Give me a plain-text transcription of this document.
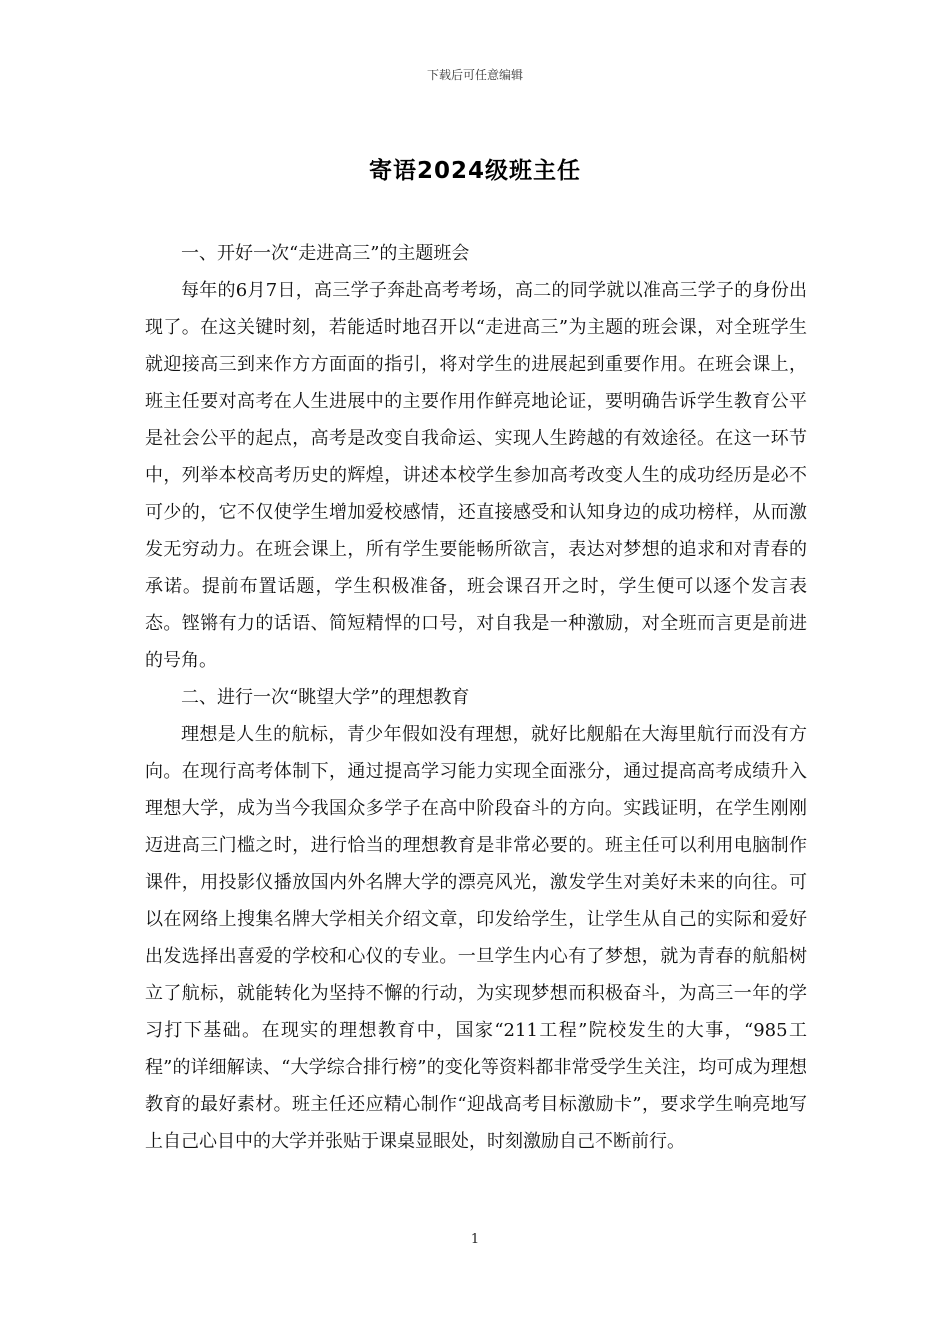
下载后可任意编辑
寄语2024级班主任

一、开好一次“走进高三”的主题班会

每年的6月7日，高三学子奔赴高考考场，高二的同学就以准高三学子的身份出现了。在这关键时刻，若能适时地召开以“走进高三”为主题的班会课，对全班学生就迎接高三到来作方方面面的指引，将对学生的进展起到重要作用。在班会课上，班主任要对高考在人生进展中的主要作用作鲜亮地论证，要明确告诉学生教育公平是社会公平的起点，高考是改变自我命运、实现人生跨越的有效途径。在这一环节中，列举本校高考历史的辉煌，讲述本校学生参加高考改变人生的成功经历是必不可少的，它不仅使学生增加爱校感情，还直接感受和认知身边的成功榜样，从而激发无穷动力。在班会课上，所有学生要能畅所欲言，表达对梦想的追求和对青春的承诺。提前布置话题，学生积极准备，班会课召开之时，学生便可以逐个发言表态。铿锵有力的话语、简短精悍的口号，对自我是一种激励，对全班而言更是前进的号角。

二、进行一次“眺望大学”的理想教育

理想是人生的航标，青少年假如没有理想，就好比舰船在大海里航行而没有方向。在现行高考体制下，通过提高学习能力实现全面涨分，通过提高高考成绩升入理想大学，成为当今我国众多学子在高中阶段奋斗的方向。实践证明，在学生刚刚迈进高三门槛之时，进行恰当的理想教育是非常必要的。班主任可以利用电脑制作课件，用投影仪播放国内外名牌大学的漂亮风光，激发学生对美好未来的向往。可以在网络上搜集名牌大学相关介绍文章，印发给学生，让学生从自己的实际和爱好出发选择出喜爱的学校和心仪的专业。一旦学生内心有了梦想，就为青春的航船树立了航标，就能转化为坚持不懈的行动，为实现梦想而积极奋斗，为高三一年的学习打下基础。在现实的理想教育中，国家“211工程”院校发生的大事，“985工程”的详细解读、“大学综合排行榜”的变化等资料都非常受学生关注，均可成为理想教育的最好素材。班主任还应精心制作“迎战高考目标激励卡”，要求学生响亮地写上自己心目中的大学并张贴于课桌显眼处，时刻激励自己不断前行。

1
